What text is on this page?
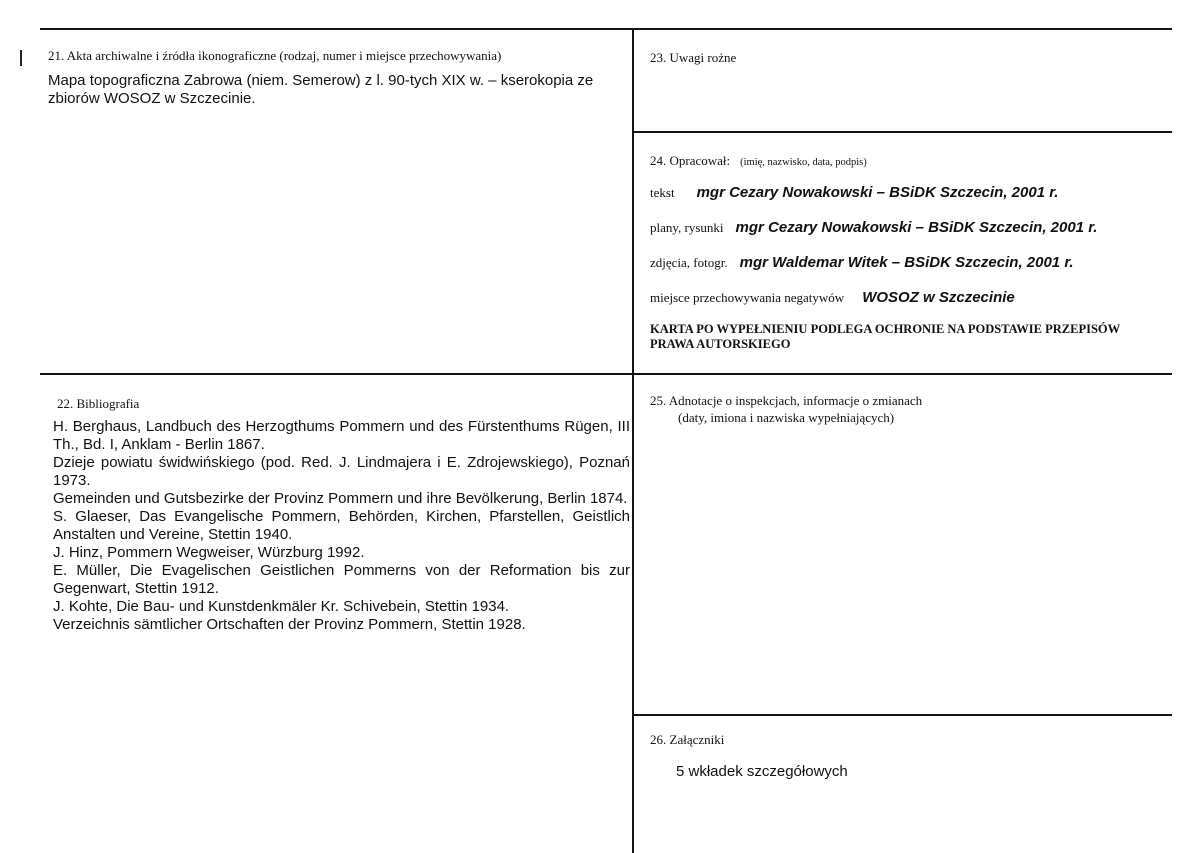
21. Akta archiwalne i źródła ikonograficzne (rodzaj, numer i miejsce przechowywania)
Mapa topograficzna Zabrowa (niem. Semerow) z l. 90-tych XIX w. – kserokopia ze zbiorów WOSOZ w Szczecinie.
23. Uwagi rożne
24. Opracował: (imię, nazwisko, data, podpis)
tekst mgr Cezary Nowakowski – BSiDK Szczecin, 2001 r.
plany, rysunki mgr Cezary Nowakowski – BSiDK Szczecin, 2001 r.
zdjęcia, fotogr. mgr Waldemar Witek – BSiDK Szczecin, 2001 r.
miejsce przechowywania negatywów WOSOZ w Szczecinie
KARTA PO WYPEŁNIENIU PODLEGA OCHRONIE NA PODSTAWIE PRZEPISÓW PRAWA AUTORSKIEGO
22. Bibliografia
H. Berghaus, Landbuch des Herzogthums Pommern und des Fürstenthums Rügen, III Th., Bd. I, Anklam - Berlin 1867.
Dzieje powiatu świdwińskiego (pod. Red. J. Lindmajera i E. Zdrojewskiego), Poznań 1973.
Gemeinden und Gutsbezirke der Provinz Pommern und ihre Bevölkerung, Berlin 1874.
S. Glaeser, Das Evangelische Pommern, Behörden, Kirchen, Pfarstellen, Geistlich Anstalten und Vereine, Stettin 1940.
J. Hinz, Pommern Wegweiser, Würzburg 1992.
E. Müller, Die Evagelischen Geistlichen Pommerns von der Reformation bis zur Gegenwart, Stettin 1912.
J. Kohte, Die Bau- und Kunstdenkmäler Kr. Schivebein, Stettin 1934.
Verzeichnis sämtlicher Ortschaften der Provinz Pommern, Stettin 1928.
25. Adnotacje o inspekcjach, informacje o zmianach
(daty, imiona i nazwiska wypełniających)
26. Załączniki
5 wkładek szczegółowych
